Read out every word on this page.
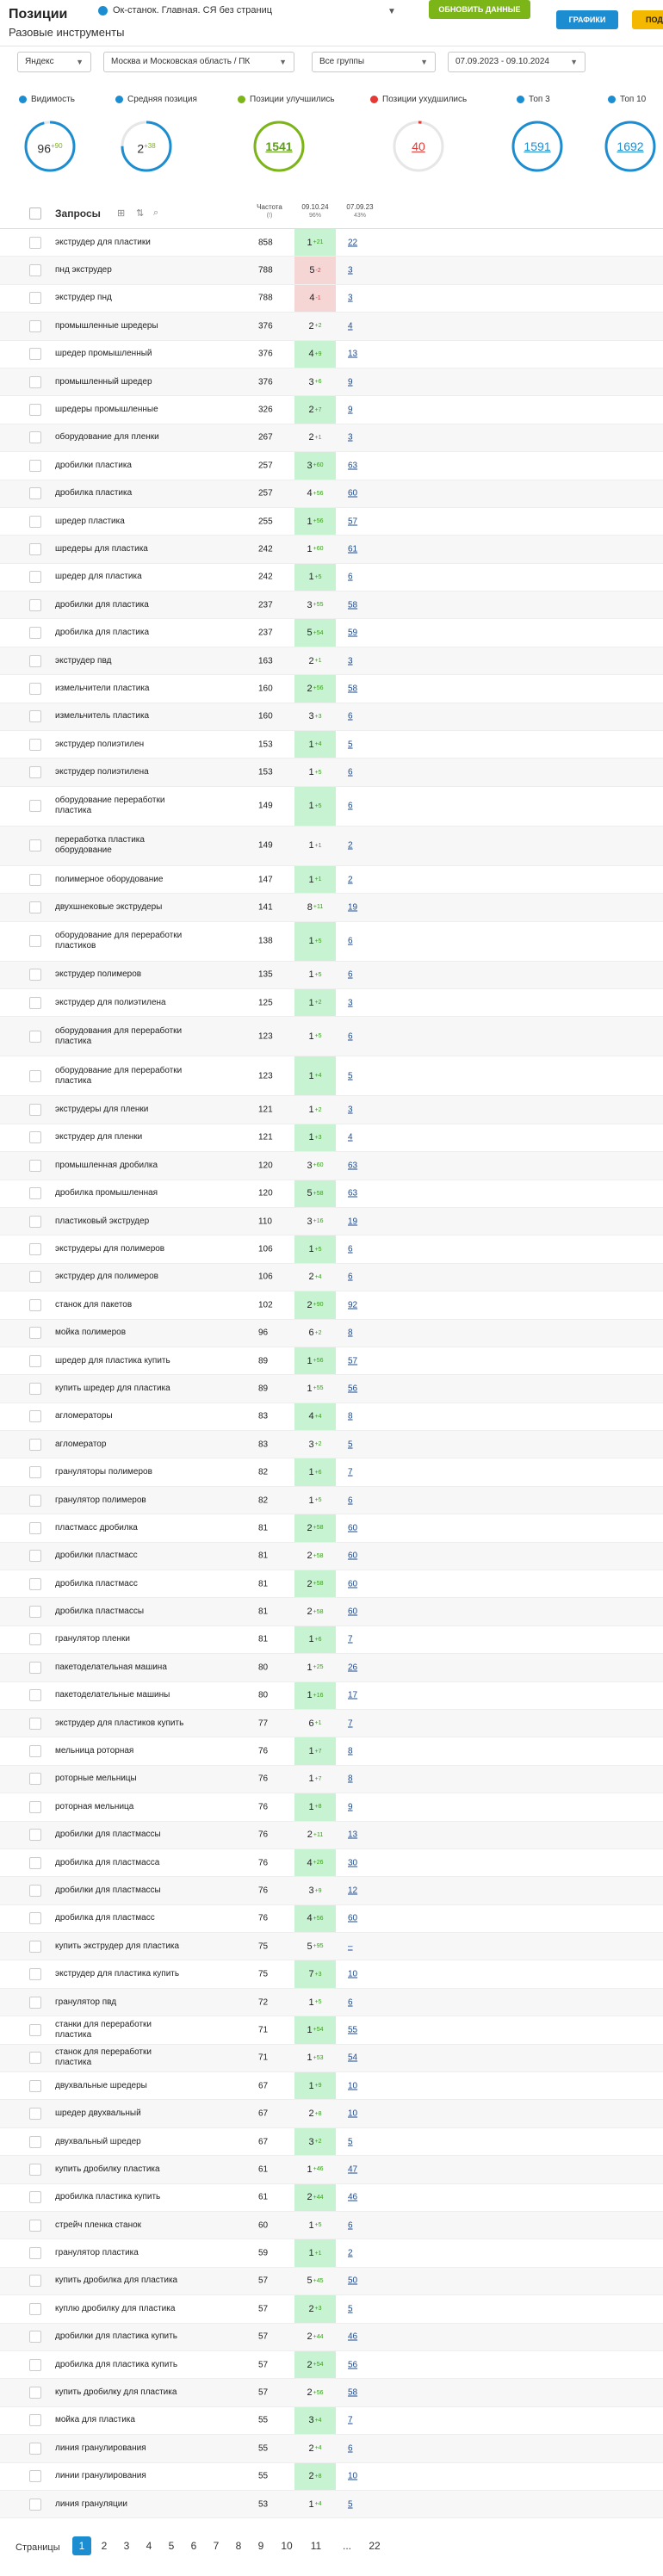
Позиции
Разовые инструменты
Ок-станок. Главная. СЯ без страниц	▼	ОБНОВИТЬ ДАННЫЕ
ГРАФИКИ	ПОД
Яндекс	▼	Москва и Московская область / ПК	▼	Все группы	▼	07.09.2023 - 09.10.2024	▼
Видимость	Средняя позиция	Позиции улучшились	Позиции ухудшились	Топ 3	Топ 10
$96^{+90}$	$2^{+38}$	1541	40	1591	1692
Запросы ⊞ ⇅ ⌕
Частота
(!)
09.10.24
96%
07.09.23
43%
экструдер для пластики	858	1 +21	22
пнд экструдер	788	5 -2	3
экструдер пнд	788	4 -1	3
промышленные шредеры	376	2 +2	4
шредер промышленный	376	4 +9	13
промышленный шредер	376	3 +6	9
шредеры промышленные	326	2 +7	9
оборудование для пленки	267	2 +1	3
дробилки пластика	257	3 +60	63
дробилка пластика	257	4 +56	60
шредер пластика	255	1 +56	57
шредеры для пластика	242	1 +60	61
шредер для пластика	242	1 +5	6
дробилки для пластика	237	3 +55	58
дробилка для пластика	237	5 +54	59
экструдер пвд	163	2 +1	3
измельчители пластика	160	2 +56	58
измельчитель пластика	160	3 +3	6
экструдер полиэтилен	153	1 +4	5
экструдер полиэтилена	153	1 +5	6
оборудование переработки пластика	149	1 +5	6
переработка пластика оборудование	149	1 +1	2
полимерное оборудование	147	1 +1	2
двухшнековые экструдеры	141	8 +11	19
оборудование для переработки пластиков	138	1 +5	6
экструдер полимеров	135	1 +5	6
экструдер для полиэтилена	125	1 +2	3
оборудования для переработки пластика	123	1 +5	6
оборудование для переработки пластика	123	1 +4	5
экструдеры для пленки	121	1 +2	3
экструдер для пленки	121	1 +3	4
промышленная дробилка	120	3 +60	63
дробилка промышленная	120	5 +58	63
пластиковый экструдер	110	3 +16	19
экструдеры для полимеров	106	1 +5	6
экструдер для полимеров	106	2 +4	6
станок для пакетов	102	2 +90	92
мойка полимеров	96	6 +2	8
шредер для пластика купить	89	1 +56	57
купить шредер для пластика	89	1 +55	56
агломераторы	83	4 +4	8
агломератор	83	3 +2	5
грануляторы полимеров	82	1 +6	7
гранулятор полимеров	82	1 +5	6
пластмасс дробилка	81	2 +58	60
дробилки пластмасс	81	2 +58	60
дробилка пластмасс	81	2 +58	60
дробилка пластмассы	81	2 +58	60
гранулятор пленки	81	1 +6	7
пакетоделательная машина	80	1 +25	26
пакетоделательные машины	80	1 +16	17
экструдер для пластиков купить	77	6 +1	7
мельница роторная	76	1 +7	8
роторные мельницы	76	1 +7	8
роторная мельница	76	1 +8	9
дробилки для пластмассы	76	2 +11	13
дробилка для пластмасса	76	4 +26	30
дробилки для пластмассы	76	3 +9	12
дробилка для пластмасс	76	4 +56	60
купить экструдер для пластика	75	5 +95	–
экструдер для пластика купить	75	7 +3	10
гранулятор пвд	72	1 +5	6
станки для переработки пластика	71	1 +54	55
станок для переработки пластика	71	1 +53	54
двухвальные шредеры	67	1 +9	10
шредер двухвальный	67	2 +8	10
двухвальный шредер	67	3 +2	5
купить дробилку пластика	61	1 +46	47
дробилка пластика купить	61	2 +44	46
стрейч пленка станок	60	1 +5	6
гранулятор пластика	59	1 +1	2
купить дробилка для пластика	57	5 +45	50
куплю дробилку для пластика	57	2 +3	5
дробилки для пластика купить	57	2 +44	46
дробилка для пластика купить	57	2 +54	56
купить дробилку для пластика	57	2 +56	58
мойка для пластика	55	3 +4	7
линия гранулирования	55	2 +4	6
линии гранулирования	55	2 +8	10
линия грануляции	53	1 +4	5
Страницы	1	2	3	4	5	6	7	8	9	10	11	...	22
